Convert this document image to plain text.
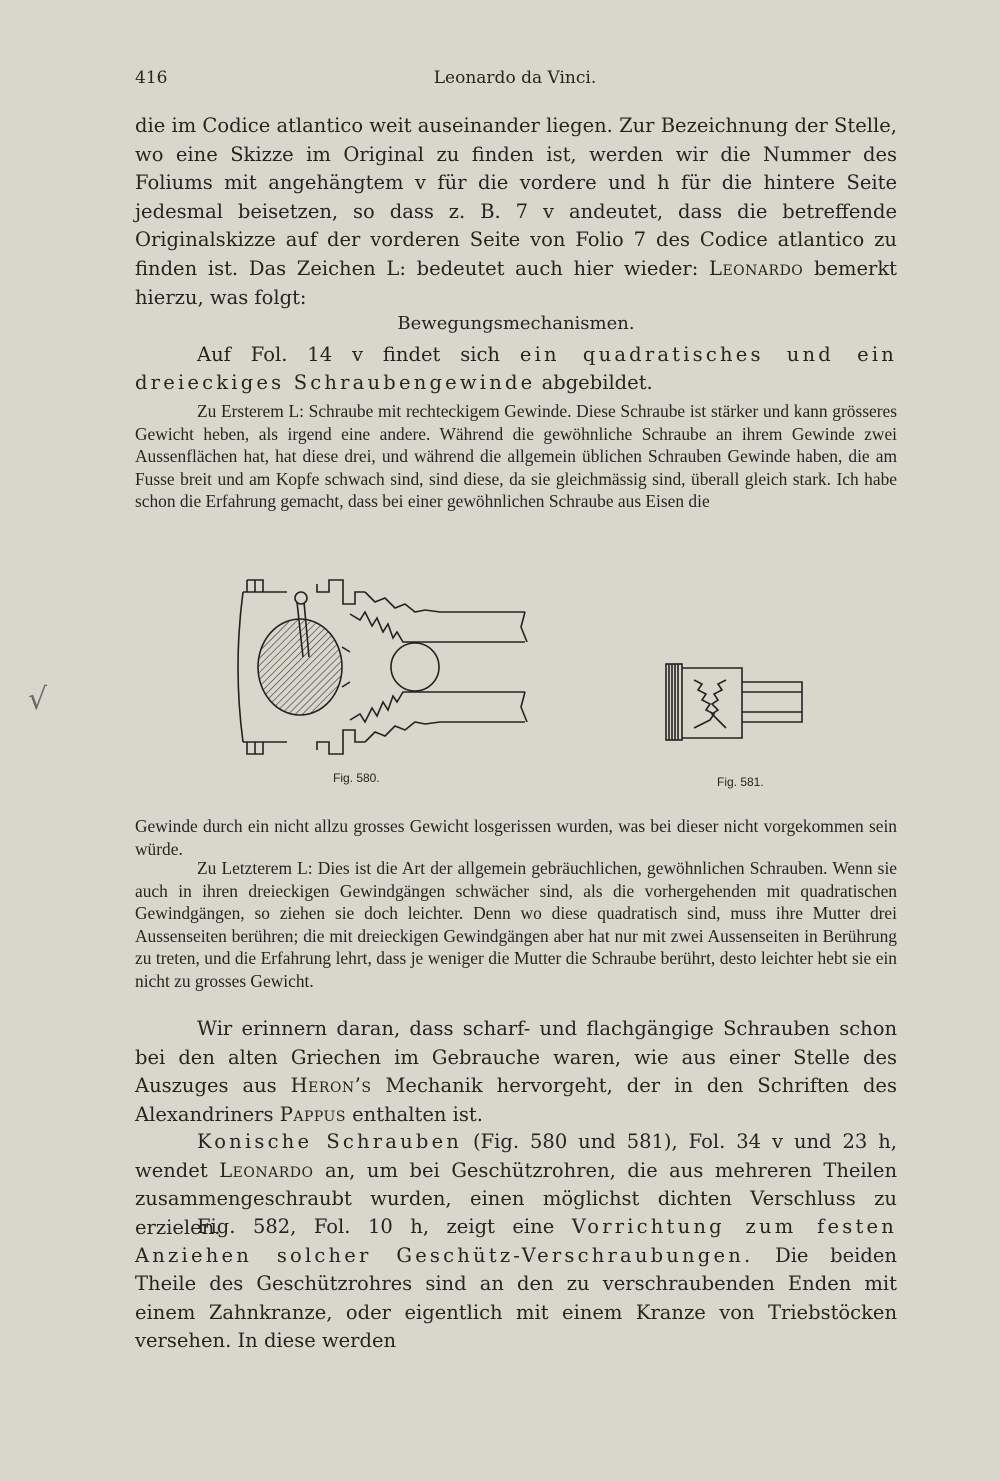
416	Leonardo da Vinci.
die im Codice atlantico weit auseinander liegen. Zur Bezeichnung der Stelle, wo eine Skizze im Original zu finden ist, werden wir die Nummer des Foliums mit angehängtem v für die vordere und h für die hintere Seite jedesmal beisetzen, so dass z. B. 7 v andeutet, dass die betreffende Originalskizze auf der vorderen Seite von Folio 7 des Codice atlantico zu finden ist. Das Zeichen L: bedeutet auch hier wieder: Leonardo bemerkt hierzu, was folgt:
Bewegungsmechanismen.
Auf Fol. 14 v findet sich ein quadratisches und ein dreieckiges Schraubengewinde abgebildet.
Zu Ersterem L: Schraube mit rechteckigem Gewinde. Diese Schraube ist stärker und kann grösseres Gewicht heben, als irgend eine andere. Während die gewöhnliche Schraube an ihrem Gewinde zwei Aussenflächen hat, hat diese drei, und während die allgemein üblichen Schrauben Gewinde haben, die am Fusse breit und am Kopfe schwach sind, sind diese, da sie gleichmässig sind, überall gleich stark. Ich habe schon die Erfahrung gemacht, dass bei einer gewöhnlichen Schraube aus Eisen die
Fig. 580.	Fig. 581.
Gewinde durch ein nicht allzu grosses Gewicht losgerissen wurden, was bei dieser nicht vorgekommen sein würde.
Zu Letzterem L: Dies ist die Art der allgemein gebräuchlichen, gewöhnlichen Schrauben. Wenn sie auch in ihren dreieckigen Gewindgängen schwächer sind, als die vorhergehenden mit quadratischen Gewindgängen, so ziehen sie doch leichter. Denn wo diese quadratisch sind, muss ihre Mutter drei Aussenseiten berühren; die mit dreieckigen Gewindgängen aber hat nur mit zwei Aussenseiten in Berührung zu treten, und die Erfahrung lehrt, dass je weniger die Mutter die Schraube berührt, desto leichter hebt sie ein nicht zu grosses Gewicht.
Wir erinnern daran, dass scharf- und flachgängige Schrauben schon bei den alten Griechen im Gebrauche waren, wie aus einer Stelle des Auszuges aus Heron’s Mechanik hervorgeht, der in den Schriften des Alexandriners Pappus enthalten ist.
Konische Schrauben (Fig. 580 und 581), Fol. 34 v und 23 h, wendet Leonardo an, um bei Geschützrohren, die aus mehreren Theilen zusammengeschraubt wurden, einen möglichst dichten Verschluss zu erzielen.
Fig. 582, Fol. 10 h, zeigt eine Vorrichtung zum festen Anziehen solcher Geschütz-Verschraubungen. Die beiden Theile des Geschützrohres sind an den zu verschraubenden Enden mit einem Zahnkranze, oder eigentlich mit einem Kranze von Triebstöcken versehen. In diese werden
√
